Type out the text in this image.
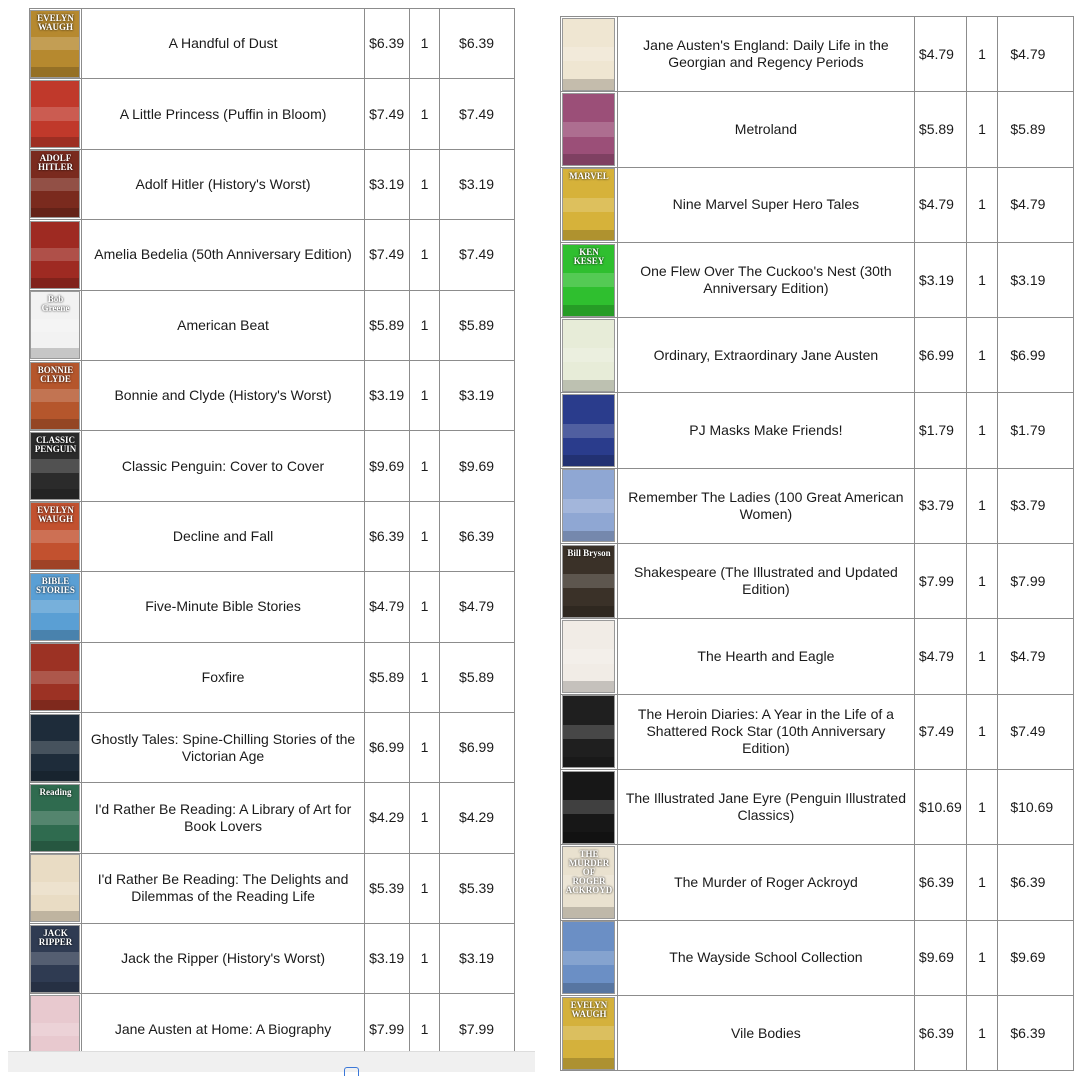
EVELYN WAUGH	A Handful of Dust	$6.39	1	$6.39

	A Little Princess (Puffin in Bloom)	$7.49	1	$7.49

ADOLF HITLER	Adolf Hitler (History's Worst)	$3.19	1	$3.19

	Amelia Bedelia (50th Anniversary Edition)	$7.49	1	$7.49

Bob Greene	American Beat	$5.89	1	$5.89

BONNIE CLYDE	Bonnie and Clyde (History's Worst)	$3.19	1	$3.19

CLASSIC PENGUIN	Classic Penguin: Cover to Cover	$9.69	1	$9.69

EVELYN WAUGH	Decline and Fall	$6.39	1	$6.39

BIBLE STORIES	Five-Minute Bible Stories	$4.79	1	$4.79

	Foxfire	$5.89	1	$5.89

	Ghostly Tales: Spine-Chilling Stories of the Victorian Age	$6.99	1	$6.99

Reading	I'd Rather Be Reading: A Library of Art for Book Lovers	$4.29	1	$4.29

	I'd Rather Be Reading: The Delights and Dilemmas of the Reading Life	$5.39	1	$5.39

JACK RIPPER	Jack the Ripper (History's Worst)	$3.19	1	$3.19

	Jane Austen at Home: A Biography	$7.99	1	$7.99
	Jane Austen's England: Daily Life in the Georgian and Regency Periods	$4.79	1	$4.79

	Metroland	$5.89	1	$5.89

MARVEL	Nine Marvel Super Hero Tales	$4.79	1	$4.79

KEN KESEY	One Flew Over The Cuckoo's Nest (30th Anniversary Edition)	$3.19	1	$3.19

	Ordinary, Extraordinary Jane Austen	$6.99	1	$6.99

	PJ Masks Make Friends!	$1.79	1	$1.79

	Remember The Ladies (100 Great American Women)	$3.79	1	$3.79

Bill Bryson	Shakespeare (The Illustrated and Updated Edition)	$7.99	1	$7.99

	The Hearth and Eagle	$4.79	1	$4.79

	The Heroin Diaries: A Year in the Life of a Shattered Rock Star (10th Anniversary Edition)	$7.49	1	$7.49

	The Illustrated Jane Eyre (Penguin Illustrated Classics)	$10.69	1	$10.69

THE MURDER OF ROGER ACKROYD	The Murder of Roger Ackroyd	$6.39	1	$6.39

	The Wayside School Collection	$9.69	1	$9.69

EVELYN WAUGH	Vile Bodies	$6.39	1	$6.39
